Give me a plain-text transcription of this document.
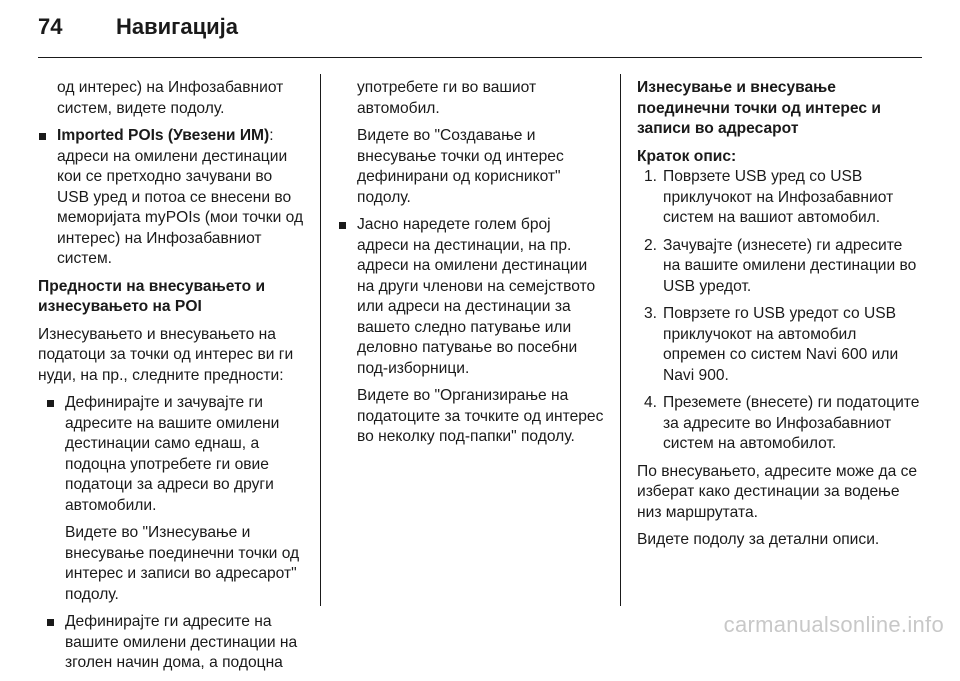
74	Навигација

од интерес) на Инфозабавниот систем, видете подолу.

Imported POIs (Увезени ИМ): адреси на омилени дестинации кои се претходно зачувани во USB уред и потоа се внесени во меморијата myPOIs (мои точки од интерес) на Инфозабавниот систем.

Предности на внесувањето и изнесувањето на POI

Изнесувањето и внесувањето на податоци за точки од интерес ви ги нуди, на пр., следните предности:

Дефинирајте и зачувајте ги адресите на вашите омилени дестинации само еднаш, а подоцна употребете ги овие податоци за адреси во други автомобили.

Видете во "Изнесување и внесување поединечни точки од интерес и записи во адресарот" подолу.

Дефинирајте ги адресите на вашите омилени дестинации на зголен начин дома, а подоцна

употребете ги во вашиот автомобил.

Видете во "Создавање и внесување точки од интерес дефинирани од корисникот" подолу.

Јасно наредете голем број адреси на дестинации, на пр. адреси на омилени дестинации на други членови на семејството или адреси на дестинации за вашето следно патување или деловно патување во посебни под-изборници.

Видете во "Организирање на податоците за точките од интерес во неколку под-папки" подолу.

Изнесување и внесување поединечни точки од интерес и записи во адресарот

Краток опис:

1. Поврзете USB уред со USB приклучокот на Инфозабавниот систем на вашиот автомобил.
2. Зачувајте (изнесете) ги адресите на вашите омилени дестинации во USB уредот.
3. Поврзете го USB уредот со USB приклучокот на автомобил опремен со систем Navi 600 или Navi 900.
4. Преземете (внесете) ги податоците за адресите во Инфозабавниот систем на автомобилот.

По внесувањето, адресите може да се изберат како дестинации за водење низ маршрутата.

Видете подолу за детални описи.

carmanualsonline.info
